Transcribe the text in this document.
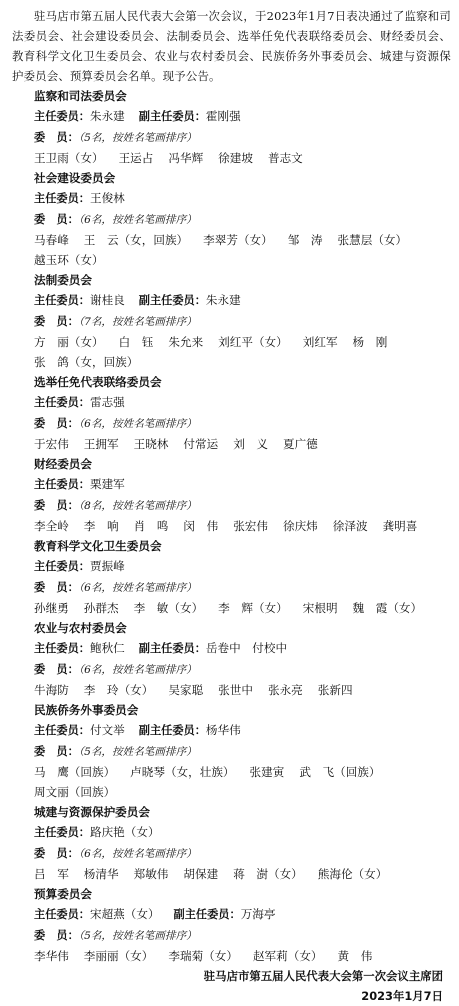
驻马店市第五届人民代表大会第一次会议，于2023年1月7日表决通过了监察和司法委员会、社会建设委员会、法制委员会、选举任免代表联络委员会、财经委员会、教育科学文化卫生委员会、农业与农村委员会、民族侨务外事委员会、城建与资源保护委员会、预算委员会名单。现予公告。

监察和司法委员会
主任委员：朱永建 副主任委员：霍刚强
委　员：（5名，按姓名笔画排序）
王卫雨（女） 王运占 冯华辉 徐建坡 普志文
社会建设委员会
主任委员：王俊林
委　员：（6名，按姓名笔画排序）
马春峰 王　云（女，回族） 李翠芳（女） 邹　涛 张慧层（女）
越玉环（女）
法制委员会
主任委员：谢桂良 副主任委员：朱永建
委　员：（7名，按姓名笔画排序）
方　丽（女） 白　钰 朱允来 刘红平（女） 刘红军 杨　刚
张　鸽（女，回族）
选举任免代表联络委员会
主任委员：雷志强
委　员：（6名，按姓名笔画排序）
于宏伟 王拥军 王晓林 付常运 刘　义 夏广德
财经委员会
主任委员：栗建军
委　员：（8名，按姓名笔画排序）
李全岭 李　响 肖　鸣 闵　伟 张宏伟 徐庆炜 徐泽波 龚明喜
教育科学文化卫生委员会
主任委员：贾振峰
委　员：（6名，按姓名笔画排序）
孙继勇 孙群杰 李　敏（女） 李　辉（女） 宋根明 魏　霞（女）
农业与农村委员会
主任委员：鲍秋仁 副主任委员：岳卷中　付校中
委　员：（6名，按姓名笔画排序）
牛海防 李　玲（女） 吴家聪 张世中 张永亮 张新四
民族侨务外事委员会
主任委员：付文举 副主任委员：杨华伟
委　员：（5名，按姓名笔画排序）
马　鹰（回族） 卢晓琴（女，壮族） 张建寅 武　飞（回族）
周文丽（回族）
城建与资源保护委员会
主任委员：路庆艳（女）
委　员：（6名，按姓名笔画排序）
吕　军 杨清华 郑敏伟 胡保建 蒋　澍（女） 熊海伦（女）
预算委员会
主任委员：宋超燕（女） 副主任委员：万海亭
委　员：（5名，按姓名笔画排序）
李华伟 李丽丽（女） 李瑞菊（女） 赵军莉（女） 黄　伟
驻马店市第五届人民代表大会第一次会议主席团
2023年1月7日
